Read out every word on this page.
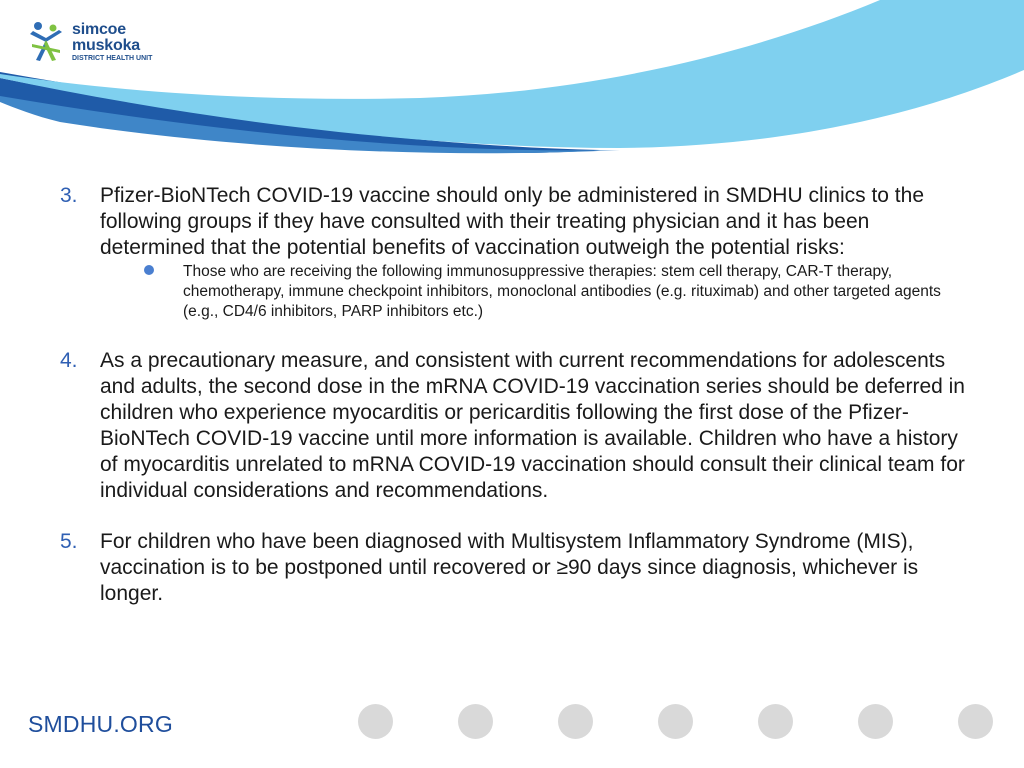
simcoe
muskoka
DISTRICT HEALTH UNIT
3.	Pfizer-BioNTech COVID-19 vaccine should only be administered in SMDHU clinics to the following groups if they have consulted with their treating physician and it has been determined that the potential benefits of vaccination outweigh the potential risks:

Those who are receiving the following immunosuppressive therapies: stem cell therapy, CAR-T therapy, chemotherapy, immune checkpoint inhibitors, monoclonal antibodies (e.g. rituximab) and other targeted agents (e.g., CD4/6 inhibitors, PARP inhibitors etc.)

4.	As a precautionary measure, and consistent with current recommendations for adolescents and adults, the second dose in the mRNA COVID-19 vaccination series should be deferred in children who experience myocarditis or pericarditis following the first dose of the Pfizer-BioNTech COVID-19 vaccine until more information is available. Children who have a history of myocarditis unrelated to mRNA COVID-19 vaccination should consult their clinical team for individual considerations and recommendations.

5.	For children who have been diagnosed with Multisystem Inflammatory Syndrome (MIS), vaccination is to be postponed until recovered or ≥90 days since diagnosis, whichever is longer.

SMDHU.ORG
